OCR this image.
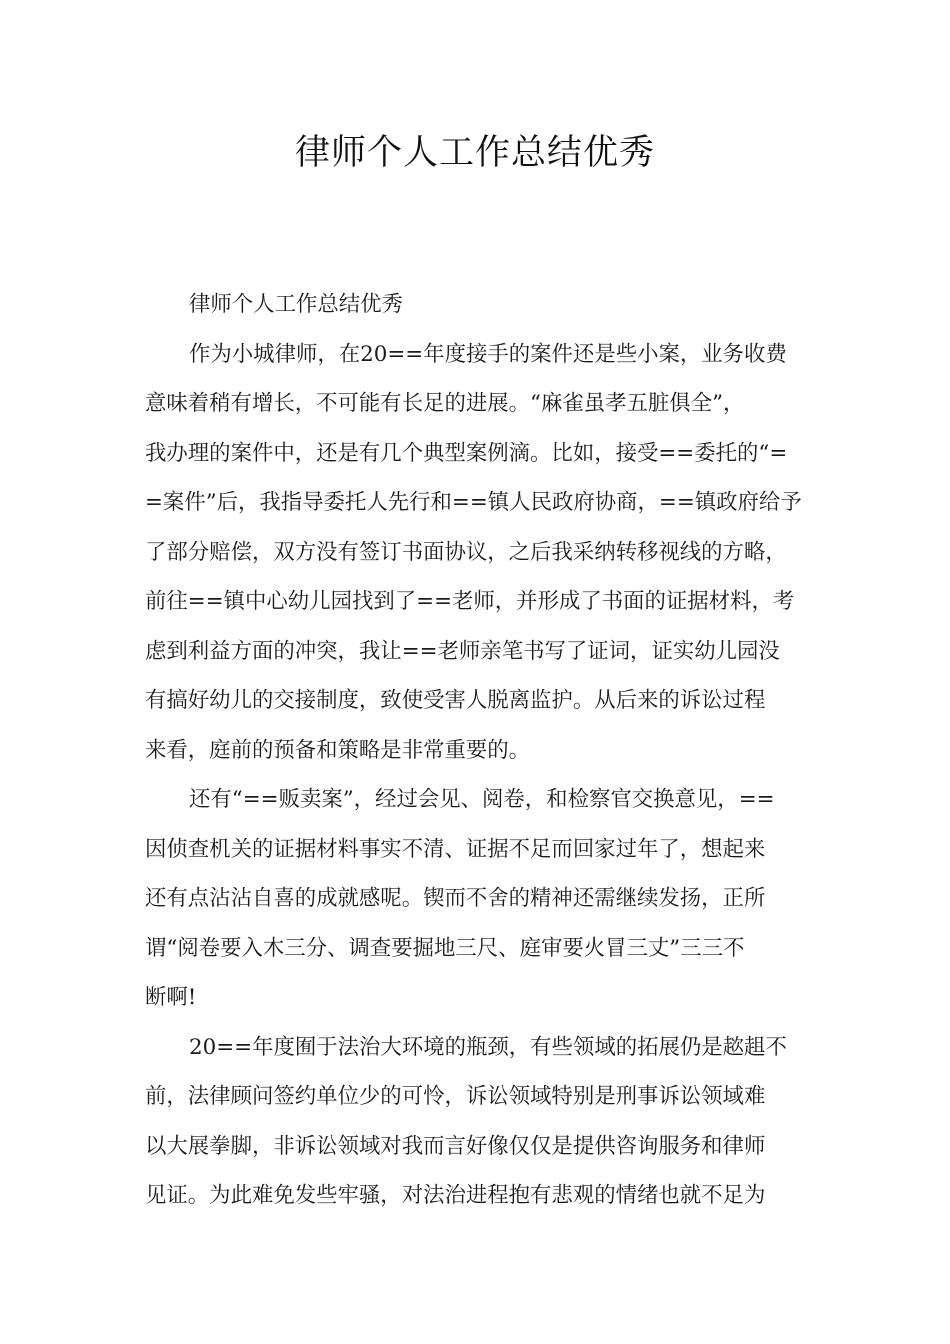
律师个人工作总结优秀
律师个人工作总结优秀
作为小城律师，在20==年度接手的案件还是些小案，业务收费
意味着稍有增长，不可能有长足的进展。“麻雀虽孝五脏俱全”，
我办理的案件中，还是有几个典型案例滴。比如，接受==委托的“=
=案件”后，我指导委托人先行和==镇人民政府协商，==镇政府给予
了部分赔偿，双方没有签订书面协议，之后我采纳转移视线的方略，
前往==镇中心幼儿园找到了==老师，并形成了书面的证据材料，考
虑到利益方面的冲突，我让==老师亲笔书写了证词，证实幼儿园没
有搞好幼儿的交接制度，致使受害人脱离监护。从后来的诉讼过程
来看，庭前的预备和策略是非常重要的。
还有“==贩卖案”，经过会见、阅卷，和检察官交换意见，==
因侦查机关的证据材料事实不清、证据不足而回家过年了，想起来
还有点沾沾自喜的成就感呢。锲而不舍的精神还需继续发扬，正所
谓“阅卷要入木三分、调查要掘地三尺、庭审要火冒三丈”三三不
断啊!
20==年度囿于法治大环境的瓶颈，有些领域的拓展仍是趑趄不
前，法律顾问签约单位少的可怜，诉讼领域特别是刑事诉讼领域难
以大展拳脚，非诉讼领域对我而言好像仅仅是提供咨询服务和律师
见证。为此难免发些牢骚，对法治进程抱有悲观的情绪也就不足为
